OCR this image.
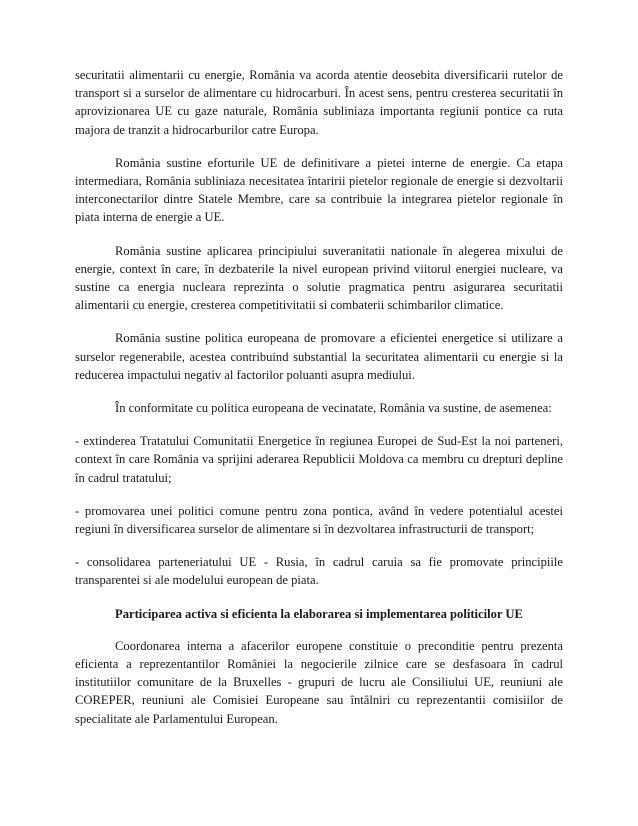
securitatii alimentarii cu energie, România va acorda atentie deosebita diversificarii rutelor de transport si a surselor de alimentare cu hidrocarburi. În acest sens, pentru cresterea securitatii în aprovizionarea UE cu gaze naturale, România subliniaza importanta regiunii pontice ca ruta majora de tranzit a hidrocarburilor catre Europa.

România sustine eforturile UE de definitivare a pietei interne de energie. Ca etapa intermediara, România subliniaza necesitatea întaririi pietelor regionale de energie si dezvoltarii interconectarilor dintre Statele Membre, care sa contribuie la integrarea pietelor regionale în piata interna de energie a UE.

România sustine aplicarea principiului suveranitatii nationale în alegerea mixului de energie, context în care, în dezbaterile la nivel european privind viitorul energiei nucleare, va sustine ca energia nucleara reprezinta o solutie pragmatica pentru asigurarea securitatii alimentarii cu energie, cresterea competitivitatii si combaterii schimbarilor climatice.

România sustine politica europeana de promovare a eficientei energetice si utilizare a surselor regenerabile, acestea contribuind substantial la securitatea alimentarii cu energie si la reducerea impactului negativ al factorilor poluanti asupra mediului.

În conformitate cu politica europeana de vecinatate, România va sustine, de asemenea:

- extinderea Tratatului Comunitatii Energetice în regiunea Europei de Sud-Est la noi parteneri, context în care România va sprijini aderarea Republicii Moldova ca membru cu drepturi depline în cadrul tratatului;

- promovarea unei politici comune pentru zona pontica, având în vedere potentialul acestei regiuni în diversificarea surselor de alimentare si în dezvoltarea infrastructurii de transport;

- consolidarea parteneriatului UE - Rusia, în cadrul caruia sa fie promovate principiile transparentei si ale modelului european de piata.

Participarea activa si eficienta la elaborarea si implementarea politicilor UE

Coordonarea interna a afacerilor europene constituie o preconditie pentru prezenta eficienta a reprezentantilor României la negocierile zilnice care se desfasoara în cadrul institutiilor comunitare de la Bruxelles - grupuri de lucru ale Consiliului UE, reuniuni ale COREPER, reuniuni ale Comisiei Europeane sau întâlniri cu reprezentantii comisiilor de specialitate ale Parlamentului European.
